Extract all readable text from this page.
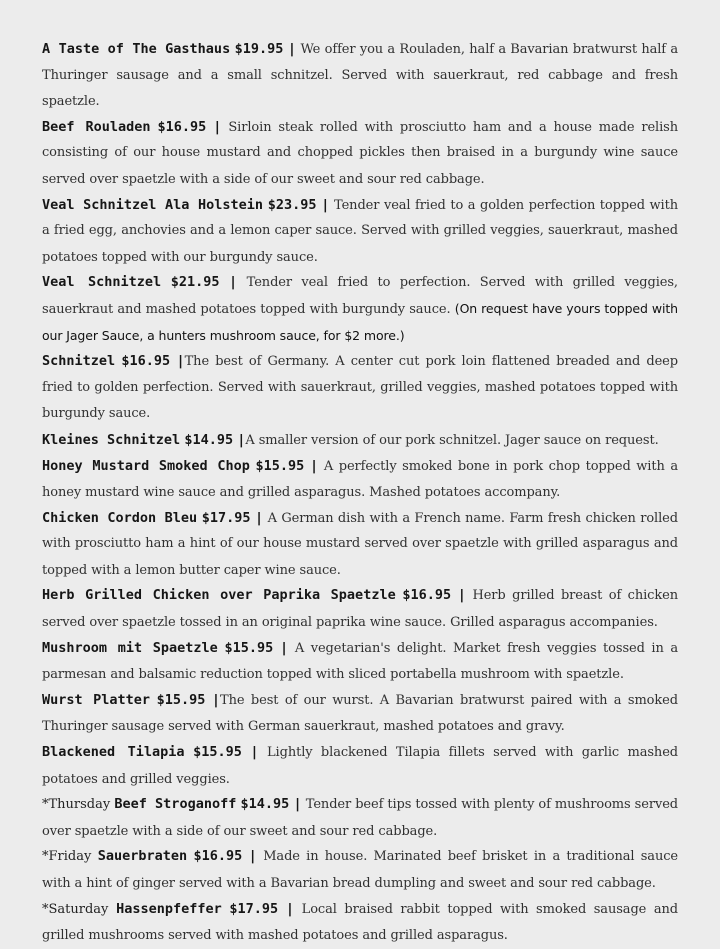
A Taste of The Gasthaus $19.95 | We offer you a Rouladen, half a Bavarian bratwurst half a Thuringer sausage and a small schnitzel. Served with sauerkraut, red cabbage and fresh spaetzle.

Beef Rouladen $16.95 | Sirloin steak rolled with prosciutto ham and a house made relish consisting of our house mustard and chopped pickles then braised in a burgundy wine sauce served over spaetzle with a side of our sweet and sour red cabbage.

Veal Schnitzel Ala Holstein $23.95 | Tender veal fried to a golden perfection topped with a fried egg, anchovies and a lemon caper sauce. Served with grilled veggies, sauerkraut, mashed potatoes topped with our burgundy sauce.

Veal Schnitzel $21.95 | Tender veal fried to perfection. Served with grilled veggies, sauerkraut and mashed potatoes topped with burgundy sauce. (On request have yours topped with our Jager Sauce, a hunters mushroom sauce, for $2 more.)

Schnitzel $16.95 |The best of Germany. A center cut pork loin flattened breaded and deep fried to golden perfection. Served with sauerkraut, grilled veggies, mashed potatoes topped with burgundy sauce.

Kleines Schnitzel $14.95 |A smaller version of our pork schnitzel. Jager sauce on request.

Honey Mustard Smoked Chop $15.95 | A perfectly smoked bone in pork chop topped with a honey mustard wine sauce and grilled asparagus. Mashed potatoes accompany.

Chicken Cordon Bleu $17.95 | A German dish with a French name. Farm fresh chicken rolled with prosciutto ham a hint of our house mustard served over spaetzle with grilled asparagus and topped with a lemon butter caper wine sauce.

Herb Grilled Chicken over Paprika Spaetzle $16.95 | Herb grilled breast of chicken served over spaetzle tossed in an original paprika wine sauce. Grilled asparagus accompanies.

Mushroom mit Spaetzle $15.95 | A vegetarian's delight. Market fresh veggies tossed in a parmesan and balsamic reduction topped with sliced portabella mushroom with spaetzle.

Wurst Platter $15.95 |The best of our wurst. A Bavarian bratwurst paired with a smoked Thuringer sausage served with German sauerkraut, mashed potatoes and gravy.

Blackened Tilapia $15.95 | Lightly blackened Tilapia fillets served with garlic mashed potatoes and grilled veggies.

*Thursday Beef Stroganoff $14.95 | Tender beef tips tossed with plenty of mushrooms served over spaetzle with a side of our sweet and sour red cabbage.

*Friday Sauerbraten $16.95 | Made in house. Marinated beef brisket in a traditional sauce with a hint of ginger served with a Bavarian bread dumpling and sweet and sour red cabbage.

*Saturday Hassenpfeffer $17.95 | Local braised rabbit topped with smoked sausage and grilled mushrooms served with mashed potatoes and grilled asparagus.
